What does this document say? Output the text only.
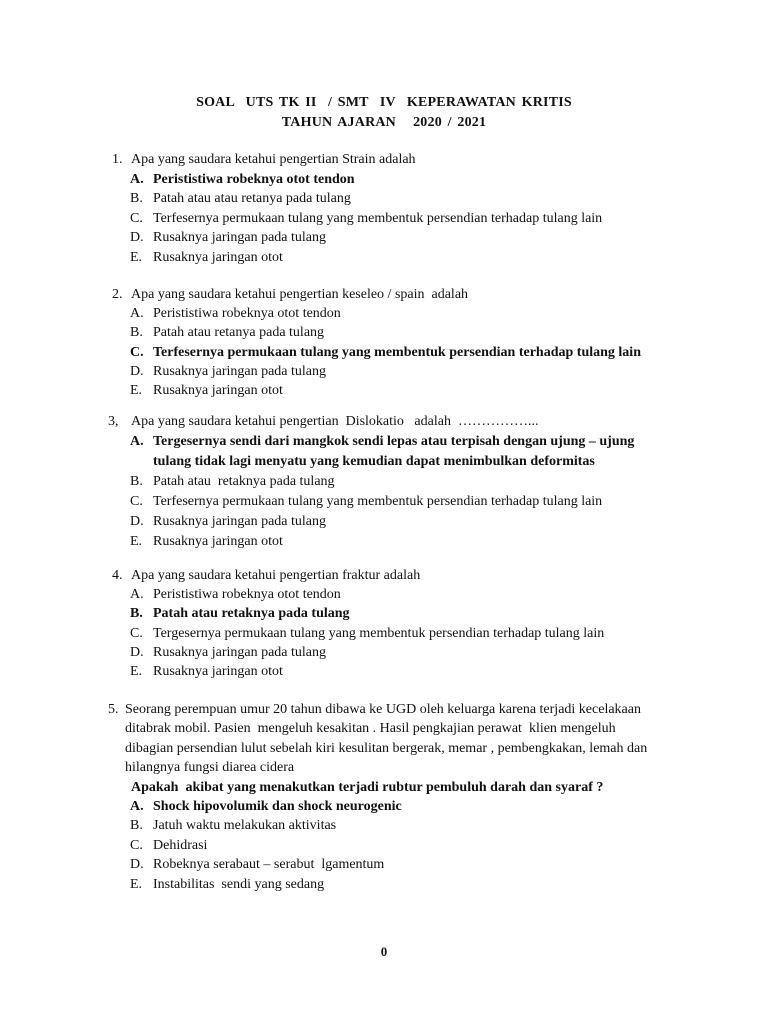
SOAL  UTS TK II  / SMT  IV  KEPERAWATAN KRITIS
TAHUN AJARAN   2020 / 2021
1. Apa yang saudara ketahui pengertian Strain adalah
A. Perististiwa robeknya otot tendon
B. Patah atau atau retanya pada tulang
C. Terfesernya permukaan tulang yang membentuk persendian terhadap tulang lain
D. Rusaknya jaringan pada tulang
E. Rusaknya jaringan otot
2. Apa yang saudara ketahui pengertian keseleo / spain  adalah
A. Perististiwa robeknya otot tendon
B. Patah atau retanya pada tulang
C. Terfesernya permukaan tulang yang membentuk persendian terhadap tulang lain
D. Rusaknya jaringan pada tulang
E. Rusaknya jaringan otot
3, Apa yang saudara ketahui pengertian  Dislokatio   adalah  ……………...
A. Tergesernya sendi dari mangkok sendi lepas atau terpisah dengan ujung – ujung
tulang tidak lagi menyatu yang kemudian dapat menimbulkan deformitas
B. Patah atau  retaknya pada tulang
C. Terfesernya permukaan tulang yang membentuk persendian terhadap tulang lain
D. Rusaknya jaringan pada tulang
E. Rusaknya jaringan otot
4. Apa yang saudara ketahui pengertian fraktur adalah
A. Perististiwa robeknya otot tendon
B. Patah atau retaknya pada tulang
C. Tergesernya permukaan tulang yang membentuk persendian terhadap tulang lain
D. Rusaknya jaringan pada tulang
E. Rusaknya jaringan otot
5. Seorang perempuan umur 20 tahun dibawa ke UGD oleh keluarga karena terjadi kecelakaan
ditabrak mobil. Pasien  mengeluh kesakitan . Hasil pengkajian perawat  klien mengeluh
dibagian persendian lulut sebelah kiri kesulitan bergerak, memar , pembengkakan, lemah dan
hilangnya fungsi diarea cidera
Apakah  akibat yang menakutkan terjadi rubtur pembuluh darah dan syaraf ?
A. Shock hipovolumik dan shock neurogenic
B. Jatuh waktu melakukan aktivitas
C. Dehidrasi
D. Robeknya serabaut – serabut  lgamentum
E. Instabilitas  sendi yang sedang
0
